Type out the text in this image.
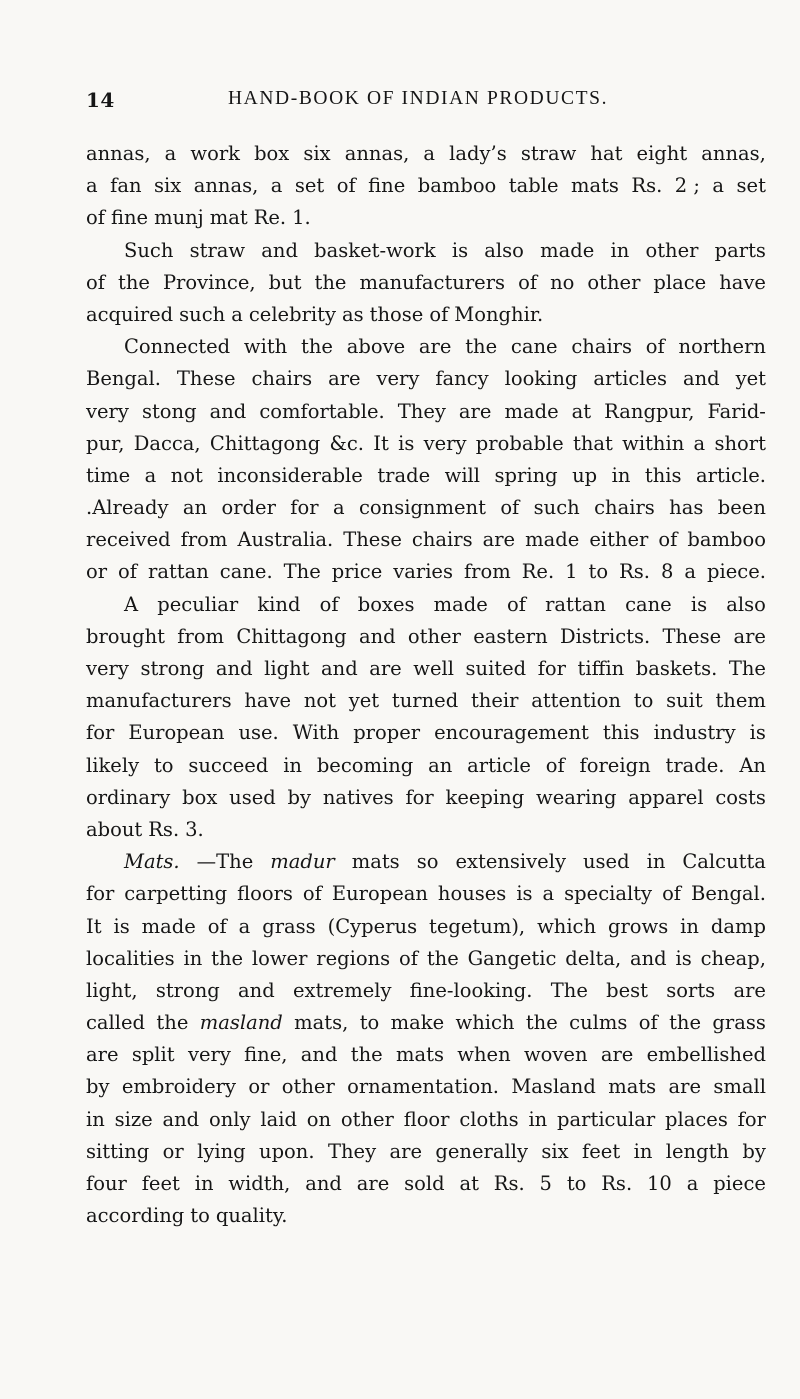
14	HAND-BOOK OF INDIAN PRODUCTS.
annas, a work box six annas, a lady’s straw hat eight annas,
a fan six annas, a set of fine bamboo table mats Rs. 2 ; a set
of fine munj mat Re. 1.
Such straw and basket-work is also made in other parts
of the Province, but the manufacturers of no other place have
acquired such a celebrity as those of Monghir.
Connected with the above are the cane chairs of northern
Bengal. These chairs are very fancy looking articles and yet
very stong and comfortable. They are made at Rangpur, Farid-
pur, Dacca, Chittagong &c. It is very probable that within a short
time a not inconsiderable trade will spring up in this article.
.Already an order for a consignment of such chairs has been
received from Australia. These chairs are made either of bamboo
or of rattan cane. The price varies from Re. 1 to Rs. 8 a piece.
A peculiar kind of boxes made of rattan cane is also
brought from Chittagong and other eastern Districts. These are
very strong and light and are well suited for tiffin baskets. The
manufacturers have not yet turned their attention to suit them
for European use. With proper encouragement this industry is
likely to succeed in becoming an article of foreign trade. An
ordinary box used by natives for keeping wearing apparel costs
about Rs. 3.
Mats. —The madur mats so extensively used in Calcutta
for carpetting floors of European houses is a specialty of Bengal.
It is made of a grass (Cyperus tegetum), which grows in damp
localities in the lower regions of the Gangetic delta, and is cheap,
light, strong and extremely fine-looking. The best sorts are
called the masland mats, to make which the culms of the grass
are split very fine, and the mats when woven are embellished
by embroidery or other ornamentation. Masland mats are small
in size and only laid on other floor cloths in particular places for
sitting or lying upon. They are generally six feet in length by
four feet in width, and are sold at Rs. 5 to Rs. 10 a piece
according to quality.
